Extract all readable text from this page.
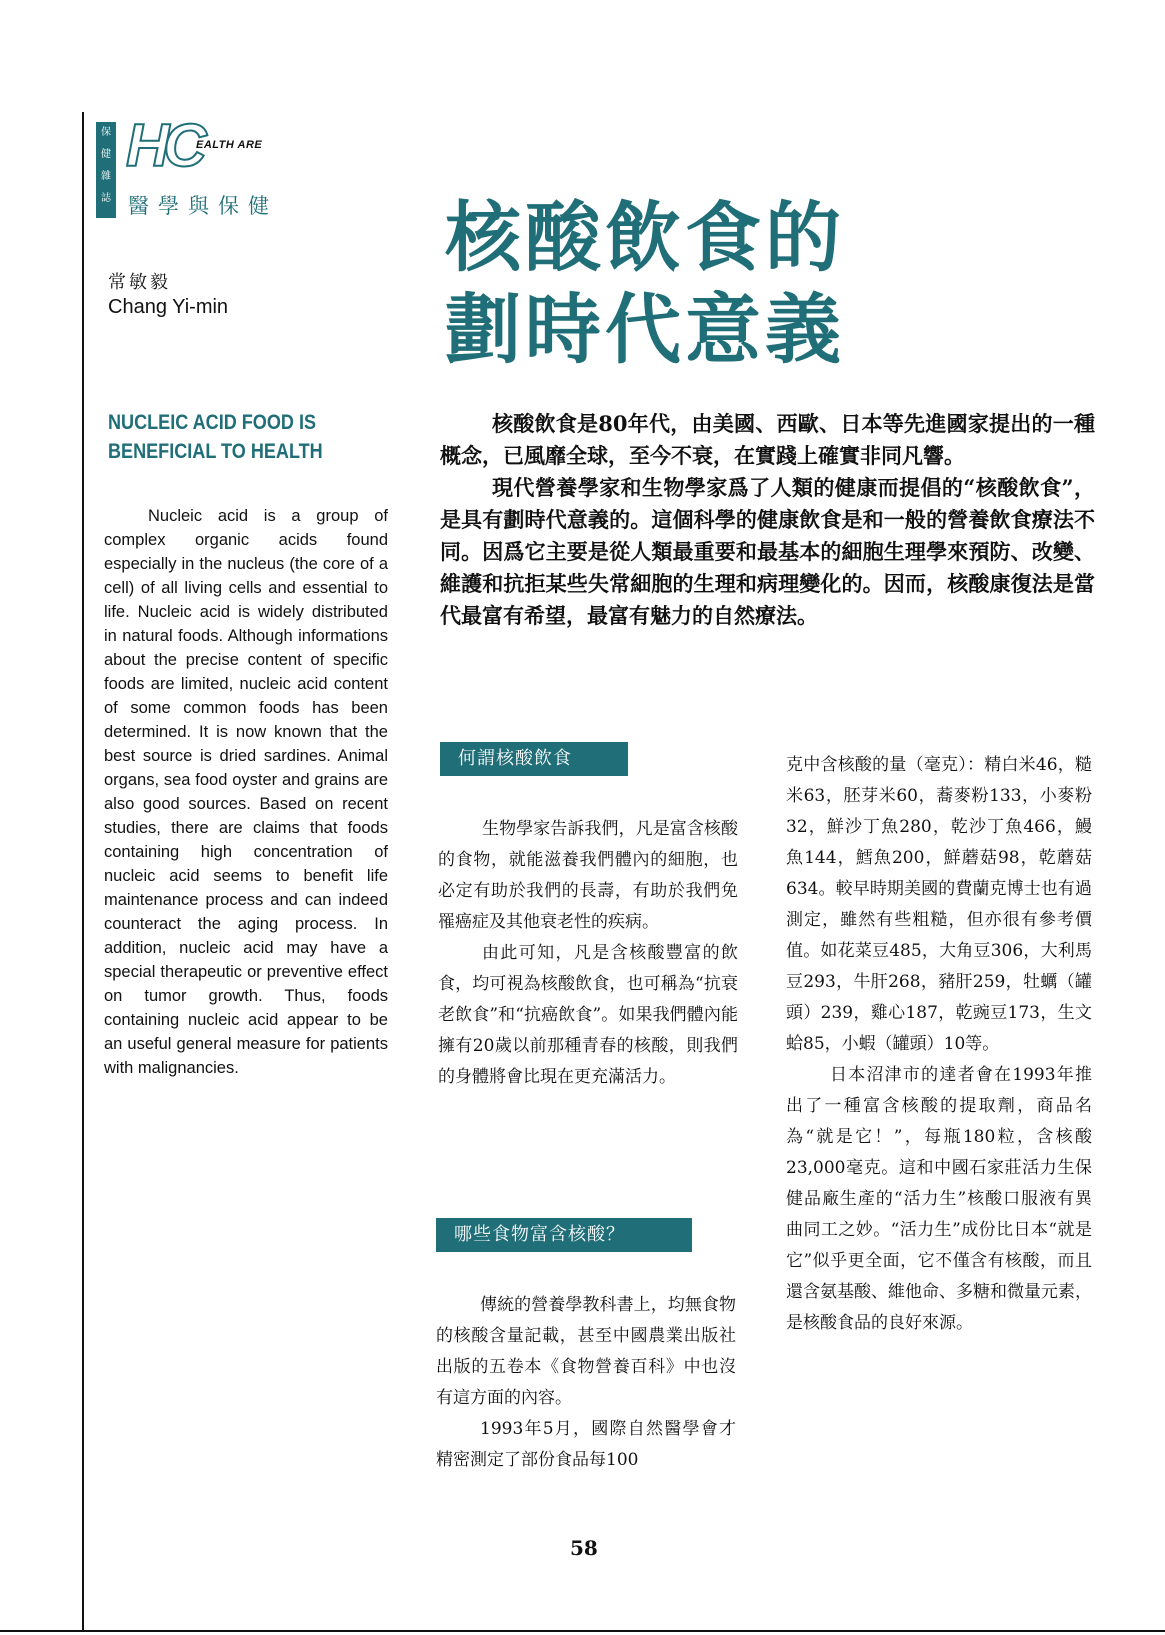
保
健
雜
誌
HC
EALTH ARE
醫學與保健
常敏毅
Chang Yi-min
核酸飲食的
劃時代意義
NUCLEIC ACID FOOD IS BENEFICIAL TO HEALTH
Nucleic acid is a group of complex organic acids found especially in the nucleus (the core of a cell) of all living cells and essential to life. Nucleic acid is widely distributed in natural foods. Although informations about the precise content of specific foods are limited, nucleic acid content of some common foods has been determined. It is now known that the best source is dried sardines. Animal organs, sea food oyster and grains are also good sources. Based on recent studies, there are claims that foods containing high concentration of nucleic acid seems to benefit life maintenance process and can indeed counteract the aging process. In addition, nucleic acid may have a special therapeutic or preventive effect on tumor growth. Thus, foods containing nucleic acid appear to be an useful general measure for patients with malignancies.

核酸飲食是80年代，由美國、西歐、日本等先進國家提出的一種概念，已風靡全球，至今不衰，在實踐上確實非同凡響。

現代營養學家和生物學家爲了人類的健康而提倡的“核酸飲食”，是具有劃時代意義的。這個科學的健康飲食是和一般的營養飲食療法不同。因爲它主要是從人類最重要和最基本的細胞生理學來預防、改變、維護和抗拒某些失常細胞的生理和病理變化的。因而，核酸康復法是當代最富有希望，最富有魅力的自然療法。

何謂核酸飲食

生物學家告訴我們，凡是富含核酸的食物，就能滋養我們體內的細胞，也必定有助於我們的長壽，有助於我們免罹癌症及其他衰老性的疾病。

由此可知，凡是含核酸豐富的飲食，均可視為核酸飲食，也可稱為“抗衰老飲食”和“抗癌飲食”。如果我們體內能擁有20歲以前那種青春的核酸，則我們的身體將會比現在更充滿活力。

哪些食物富含核酸？

傳統的營養學教科書上，均無食物的核酸含量記載，甚至中國農業出版社出版的五卷本《食物營養百科》中也沒有這方面的內容。

1993年5月，國際自然醫學會才精密測定了部份食品每100

克中含核酸的量（毫克）：精白米46，糙米63，胚芽米60，蕎麥粉133，小麥粉32，鮮沙丁魚280，乾沙丁魚466，鰻魚144，鱈魚200，鮮蘑菇98，乾蘑菇634。較早時期美國的費蘭克博士也有過測定，雖然有些粗糙，但亦很有參考價值。如花菜豆485，大角豆306，大利馬豆293，牛肝268，豬肝259，牡蠣（罐頭）239，雞心187，乾豌豆173，生文蛤85，小蝦（罐頭）10等。

日本沼津市的達者會在1993年推出了一種富含核酸的提取劑，商品名為“就是它！”，每瓶180粒，含核酸23,000毫克。這和中國石家莊活力生保健品廠生產的“活力生”核酸口服液有異曲同工之妙。“活力生”成份比日本“就是它”似乎更全面，它不僅含有核酸，而且還含氨基酸、維他命、多糖和微量元素，是核酸食品的良好來源。

58
